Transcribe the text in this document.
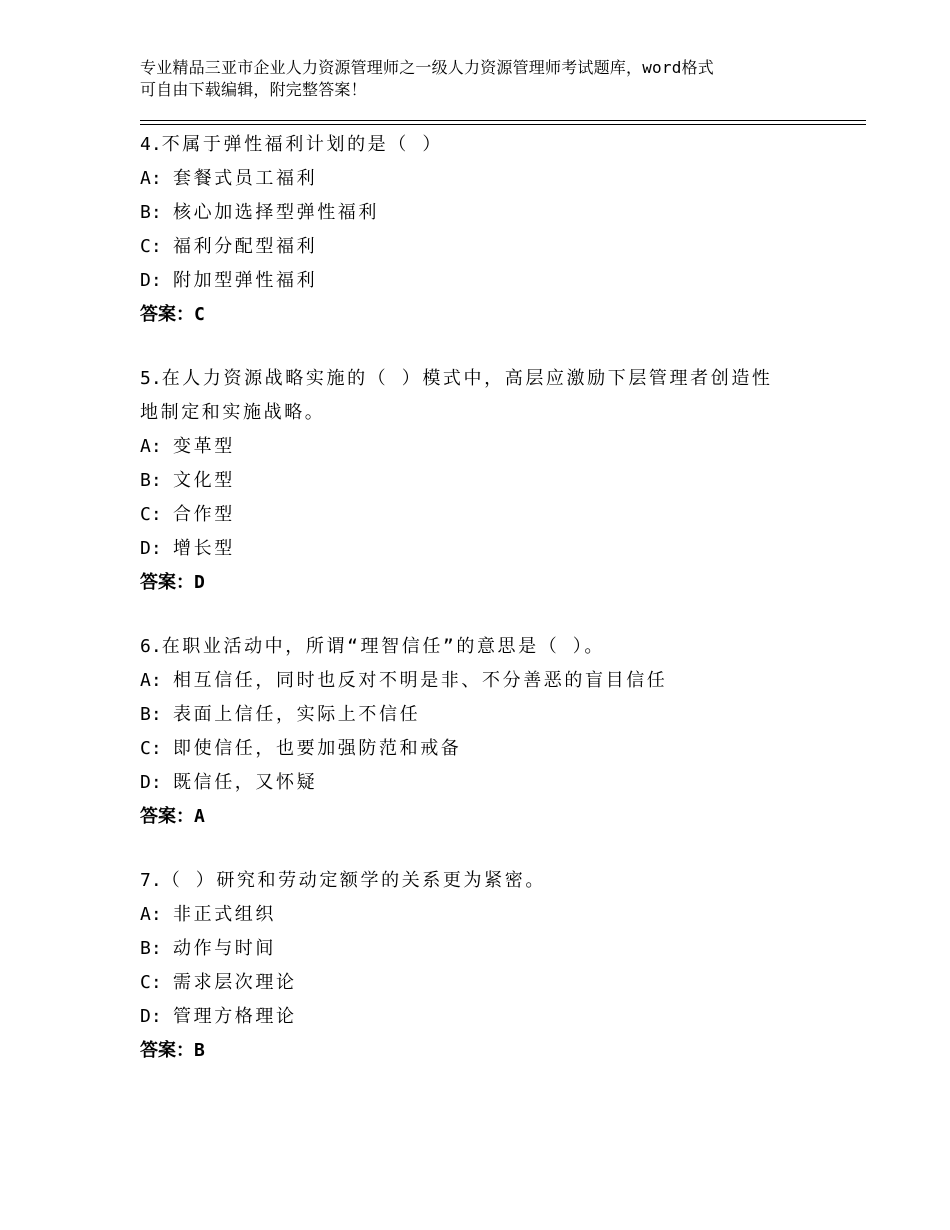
专业精品三亚市企业人力资源管理师之一级人力资源管理师考试题库，word格式
可自由下载编辑，附完整答案！

4.不属于弹性福利计划的是（ ）

A: 套餐式员工福利

B: 核心加选择型弹性福利

C: 福利分配型福利

D: 附加型弹性福利

答案：C

5.在人力资源战略实施的（ ）模式中，高层应激励下层管理者创造性

地制定和实施战略。

A: 变革型

B: 文化型

C: 合作型

D: 增长型

答案：D

6.在职业活动中，所谓“理智信任”的意思是（ ）。

A: 相互信任，同时也反对不明是非、不分善恶的盲目信任

B: 表面上信任，实际上不信任

C: 即使信任，也要加强防范和戒备

D: 既信任，又怀疑

答案：A

7.（ ）研究和劳动定额学的关系更为紧密。

A: 非正式组织

B: 动作与时间

C: 需求层次理论

D: 管理方格理论

答案：B
